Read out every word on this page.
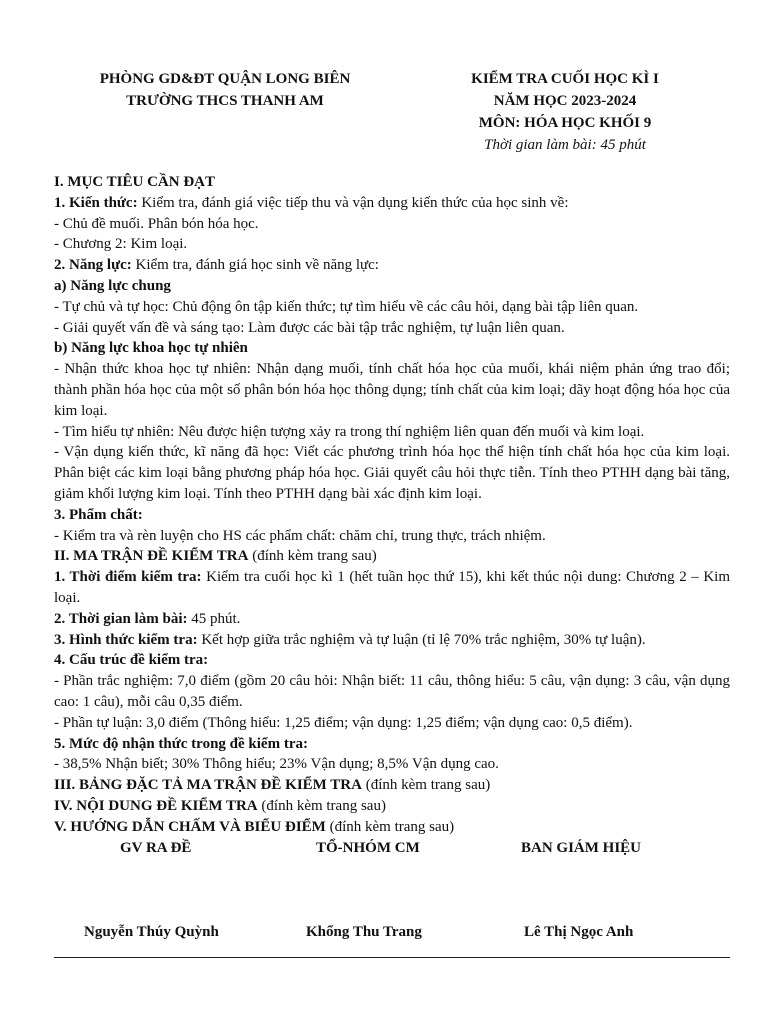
PHÒNG GD&ĐT QUẬN LONG BIÊN
TRƯỜNG THCS THANH AM
KIỂM TRA CUỐI HỌC KÌ I
NĂM HỌC 2023-2024
MÔN: HÓA HỌC KHỐI 9
Thời gian làm bài: 45 phút

I. MỤC TIÊU CẦN ĐẠT

1. Kiến thức: Kiểm tra, đánh giá việc tiếp thu và vận dụng kiến thức của học sinh về:

- Chủ đề muối. Phân bón hóa học.

- Chương 2: Kim loại.

2. Năng lực: Kiểm tra, đánh giá học sinh về năng lực:

a) Năng lực chung

- Tự chủ và tự học: Chủ động ôn tập kiến thức; tự tìm hiểu về các câu hỏi, dạng bài tập liên quan.

- Giải quyết vấn đề và sáng tạo: Làm được các bài tập trắc nghiệm, tự luận liên quan.

b) Năng lực khoa học tự nhiên

- Nhận thức khoa học tự nhiên: Nhận dạng muối, tính chất hóa học của muối, khái niệm phản ứng trao đổi; thành phần hóa học của một số phân bón hóa học thông dụng; tính chất của kim loại; dãy hoạt động hóa học của kim loại.

- Tìm hiểu tự nhiên: Nêu được hiện tượng xảy ra trong thí nghiệm liên quan đến muối và kim loại.

- Vận dụng kiến thức, kĩ năng đã học: Viết các phương trình hóa học thể hiện tính chất hóa học của kim loại. Phân biệt các kim loại bằng phương pháp hóa học. Giải quyết câu hỏi thực tiễn. Tính theo PTHH dạng bài tăng, giảm khối lượng kim loại. Tính theo PTHH dạng bài xác định kim loại.

3. Phẩm chất:

- Kiểm tra và rèn luyện cho HS các phẩm chất: chăm chỉ, trung thực, trách nhiệm.

II. MA TRẬN ĐỀ KIỂM TRA (đính kèm trang sau)

1. Thời điểm kiểm tra: Kiểm tra cuối học kì 1 (hết tuần học thứ 15), khi kết thúc nội dung: Chương 2 – Kim loại.

2. Thời gian làm bài: 45 phút.

3. Hình thức kiểm tra: Kết hợp giữa trắc nghiệm và tự luận (tỉ lệ 70% trắc nghiệm, 30% tự luận).

4. Cấu trúc đề kiểm tra:

- Phần trắc nghiệm: 7,0 điểm (gồm 20 câu hỏi: Nhận biết: 11 câu, thông hiểu: 5 câu, vận dụng: 3 câu, vận dụng cao: 1 câu), mỗi câu 0,35 điểm.

- Phần tự luận: 3,0 điểm (Thông hiểu: 1,25 điểm; vận dụng: 1,25 điểm; vận dụng cao: 0,5 điểm).

5. Mức độ nhận thức trong đề kiểm tra:

- 38,5% Nhận biết; 30% Thông hiểu; 23% Vận dụng; 8,5% Vận dụng cao.

III. BẢNG ĐẶC TẢ MA TRẬN ĐỀ KIỂM TRA (đính kèm trang sau)

IV. NỘI DUNG ĐỀ KIỂM TRA (đính kèm trang sau)

V. HƯỚNG DẪN CHẤM VÀ BIỂU ĐIỂM (đính kèm trang sau)

GV RA ĐỀ	TỔ-NHÓM CM	BAN GIÁM HIỆU
Nguyễn Thúy Quỳnh	Khổng Thu Trang	Lê Thị Ngọc Anh
